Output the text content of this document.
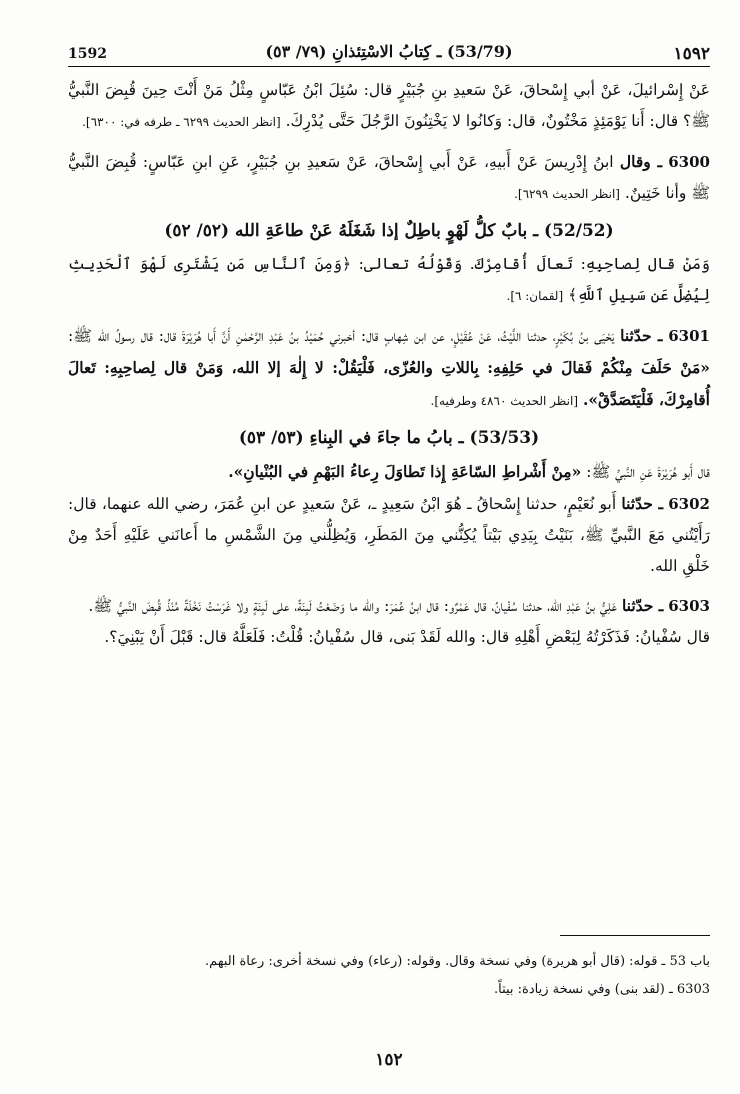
1592	(53/79) ـ كِتابُ الاسْتِئذانِ (٧٩/ ٥٣)	١٥٩٢

عَنْ إِسْرائيلَ، عَنْ أبي إِسْحاقَ، عَنْ سَعيدِ بنِ جُبَيْرٍ قال: سُئِلَ ابْنُ عَبّاسٍ مِثْلُ مَنْ أَنْتَ حِينَ قُبِضَ النَّبيُّ ﷺ؟ قال: أَنا يَوْمَئِذٍ مَخْتُونٌ، قال: وَكانُوا لا يَخْتِنُونَ الرَّجُلَ حَتَّى يُدْرِكَ. [انظر الحديث ٦٢٩٩ ـ طرفه في: ٦٣٠٠].

6300 ـ وقال ابنُ إِدْرِيسَ عَنْ أَبيهِ، عَنْ أَبي إِسْحاقَ، عَنْ سَعيدِ بنِ جُبَيْرٍ، عَنِ ابنِ عَبّاسٍ: قُبِضَ النَّبيُّ ﷺ وأنا خَتِينٌ. [انظر الحديث ٦٢٩٩].

(52/52) ـ بابٌ كلُّ لَهْوٍ باطِلٌ إذا شَغَلَهُ عَنْ طاعَةِ الله (٥٢/ ٥٢)

وَمَنْ قال لِصاحِبِهِ: تَعالَ أُقامِرْكَ. وَقَوْلُهُ تعالى: ﴿وَمِنَ ٱلنَّاسِ مَن يَشْتَرِى لَهْوَ ٱلْحَدِيثِ لِيُضِلَّ عَن سَبِيلِ ٱللَّهِ﴾ [لقمان: ٦].

6301 ـ حدّثنا يَحْيَى بنُ بُكَيْرٍ، حدثنا اللَّيْثُ، عَنْ عُقَيْلٍ، عن ابن شِهابٍ قال: أخبرني حُمَيْدُ بنُ عَبْدِ الرَّحْمٰنِ أَنَّ أَبا هُرَيْرَةَ قال: قال رسولُ الله ﷺ: «مَنْ حَلَفَ مِنْكُمْ فَقالَ في حَلِفِهِ: بِاللاتِ والعُزّى، فَلْيَقُلْ: لا إِلٰهَ إلا الله، وَمَنْ قال لِصاحِبِهِ: تَعالَ أُقامِرْكَ، فَلْيَتَصَدَّقْ». [انظر الحديث ٤٨٦٠ وطرفيه].

(53/53) ـ بابُ ما جاءَ في البِناءِ (٥٣/ ٥٣)

قال أَبو هُرَيْرَةَ عَنِ النَّبيِّ ﷺ: «مِنْ أَشْراطِ السّاعَةِ إِذا تَطاوَلَ رِعاءُ البَهْمِ في البُنْيانِ».

6302 ـ حدّثنا أَبو نُعَيْمٍ، حدثنا إِسْحاقُ ـ هُوَ ابْنُ سَعِيدٍ ـ، عَنْ سَعيدٍ عن ابنِ عُمَرَ، رضي الله عنهما، قال: رَأَيْتُني مَعَ النَّبيِّ ﷺ، بَنَيْتُ بِيَدِي بَيْتاً يُكِنُّني مِنَ المَطَرِ، وَيُظِلُّني مِنَ الشَّمْسِ ما أَعانَني عَلَيْهِ أَحَدٌ مِنْ خَلْقِ الله.

6303 ـ حدّثنا عَلِيُّ بنُ عَبْدِ الله، حدثنا سُفْيانُ، قال عَمْرٌو: قال ابنُ عُمَرَ: والله ما وَضَعْتُ لَبِنَةً، على لَبِنَةٍ ولا غَرَسْتُ نَخْلَةً مُنْذُ قُبِضَ النَّبيُّ ﷺ.

قال سُفْيانُ: فَذَكَرْتُهُ لِبَعْضِ أَهْلِهِ قال: والله لَقَدْ بَنى، قال سُفْيانُ: قُلْتُ: فَلَعَلَّهُ قال: قَبْلَ أَنْ يَبْنِيَ؟.

باب 53 ـ قوله: (قال أبو هريرة) وفي نسخة وقال. وقوله: (رعاء) وفي نسخة أخرى: رعاة البهم.
6303 ـ (لقد بنى) وفي نسخة زيادة: بيتاً.
١٥٢
